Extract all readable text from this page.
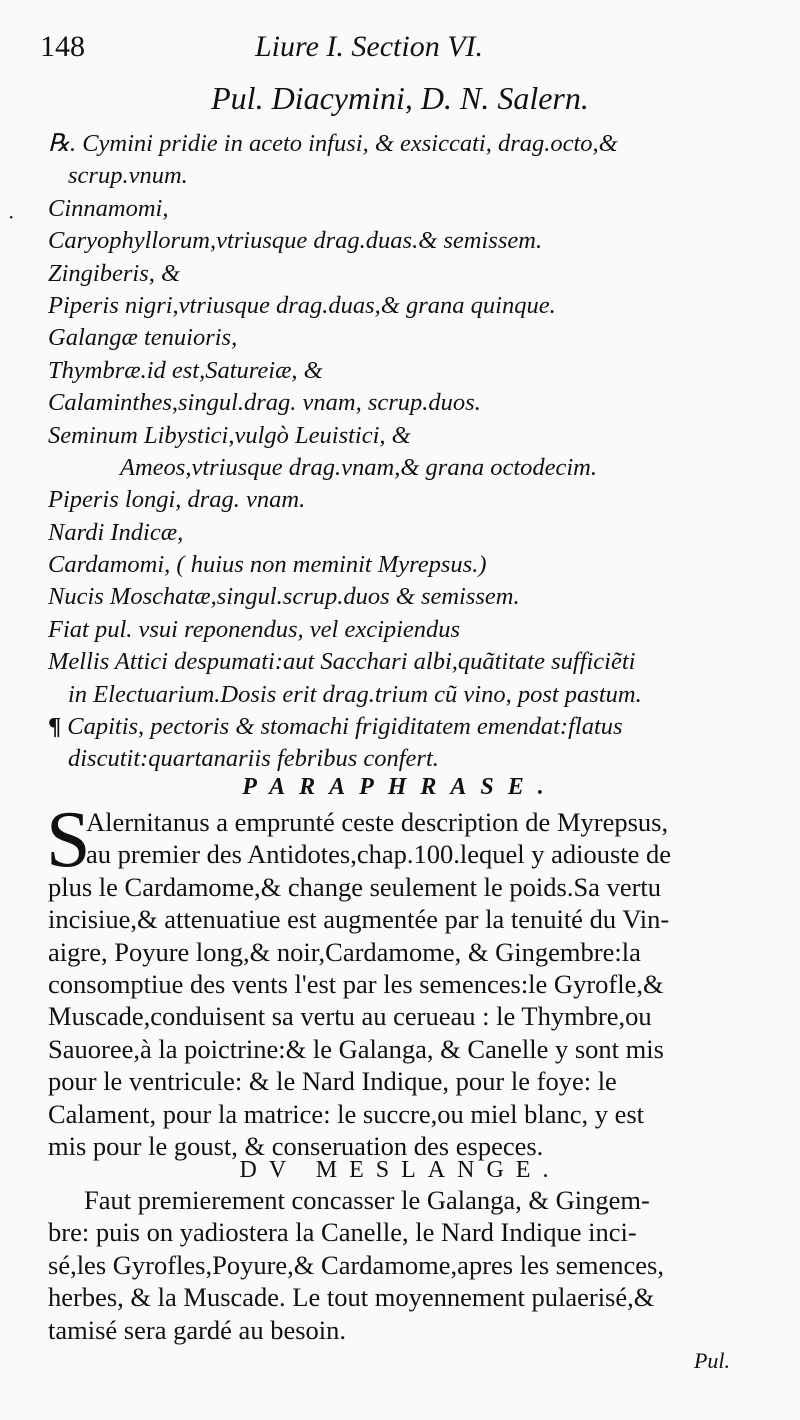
148	Liure I. Section VI.
Pul. Diacymini, D. N. Salern.
·
℞. Cymini pridie in aceto infusi, & exsiccati, drag.octo,&
scrup.vnum.
Cinnamomi,
Caryophyllorum,vtriusque drag.duas.& semissem.
Zingiberis, &
Piperis nigri,vtriusque drag.duas,& grana quinque.
Galangæ tenuioris,
Thymbræ.id est,Satureiæ, &
Calaminthes,singul.drag. vnam, scrup.duos.
Seminum Libystici,vulgò Leuistici, &
Ameos,vtriusque drag.vnam,& grana octodecim.
Piperis longi, drag. vnam.
Nardi Indicæ,
Cardamomi, ( huius non meminit Myrepsus.)
Nucis Moschatæ,singul.scrup.duos & semissem.
Fiat pul. vsui reponendus, vel excipiendus
Mellis Attici despumati:aut Sacchari albi,quãtitate sufficiẽti
in Electuarium.Dosis erit drag.trium cũ vino, post pastum.
¶ Capitis, pectoris & stomachi frigiditatem emendat:flatus
discutit:quartanariis febribus confert.
PARAPHRASE.
S
Alernitanus a emprunté ceste description de Myrepsus,
au premier des Antidotes,chap.100.lequel y adiouste de
plus le Cardamome,& change seulement le poids.Sa vertu
incisiue,& attenuatiue est augmentée par la tenuité du Vin-
aigre, Poyure long,& noir,Cardamome, & Gingembre:la
consomptiue des vents l'est par les semences:le Gyrofle,&
Muscade,conduisent sa vertu au cerueau : le Thymbre,ou
Sauoree,à la poictrine:& le Galanga, & Canelle y sont mis
pour le ventricule: & le Nard Indique, pour le foye: le
Calament, pour la matrice: le succre,ou miel blanc, y est
mis pour le goust, & conseruation des especes.
DV MESLANGE.
Faut premierement concasser le Galanga, & Gingem-
bre: puis on yadiostera la Canelle, le Nard Indique inci-
sé,les Gyrofles,Poyure,& Cardamome,apres les semences,
herbes, & la Muscade. Le tout moyennement pulaerisé,&
tamisé sera gardé au besoin.
Pul.
